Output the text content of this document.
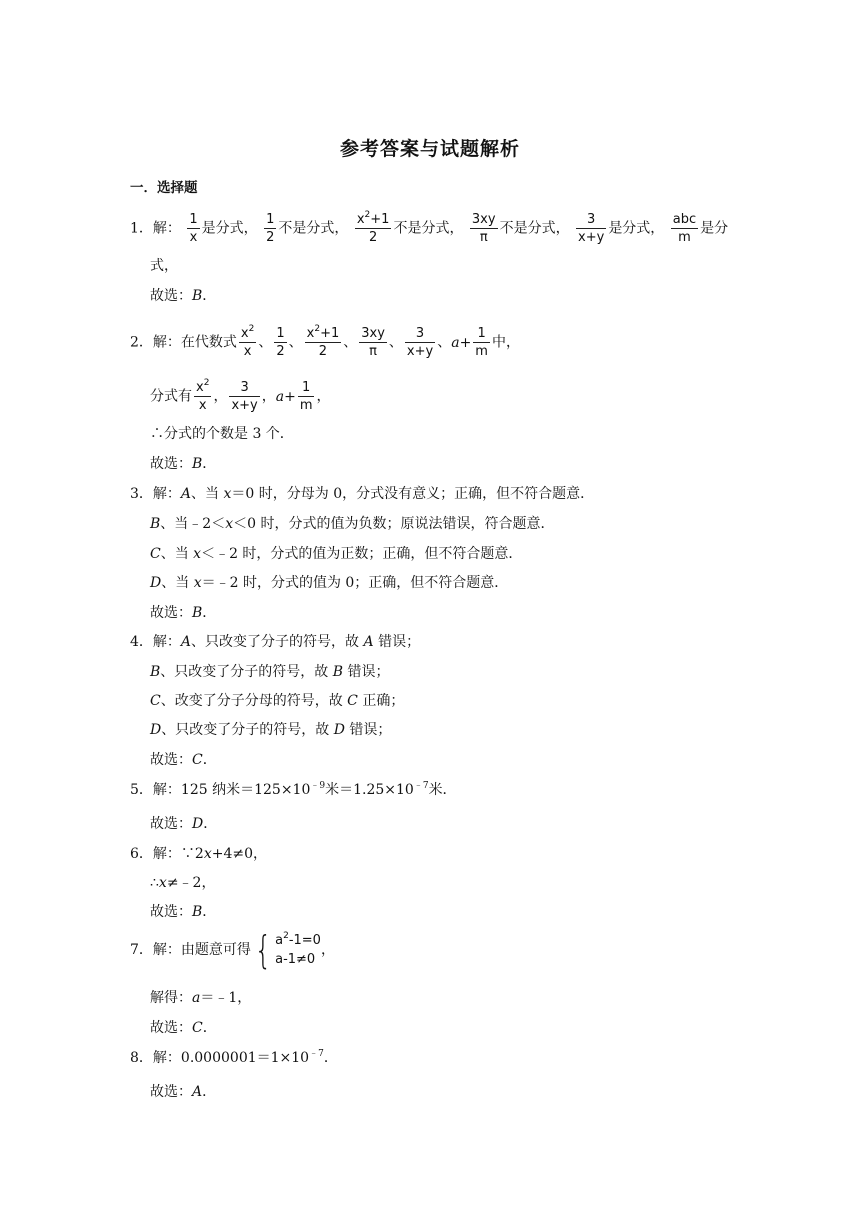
参考答案与试题解析
一．选择题
1．解： $\frac{1}{x}$ 是分式， $\frac{1}{2}$ 不是分式， $\frac{x^2+1}{2}$ 不是分式， $\frac{3xy}{\pi}$ 不是分式， $\frac{3}{x+y}$ 是分式， $\frac{\text{abc}}{m}$ 是分
式，
故选：B．
2．解：在代数式 $\frac{x^2}{x}$ 、 $\frac{1}{2}$ 、 $\frac{x^2+1}{2}$ 、 $\frac{3xy}{\pi}$ 、 $\frac{3}{x+y}$ 、 $a + \frac{1}{m}$ 中，
分式有 $\frac{x^2}{x}$ ， $\frac{3}{x+y}$ ， $a + \frac{1}{m}$ ，
∴分式的个数是 3 个．
故选：B．
3．解：A、当 x＝0 时，分母为 0，分式没有意义；正确，但不符合题意．
B、当﹣2＜x＜0 时，分式的值为负数；原说法错误，符合题意．
C、当 x＜﹣2 时，分式的值为正数；正确，但不符合题意．
D、当 x＝﹣2 时，分式的值为 0；正确，但不符合题意．
故选：B．
4．解：A、只改变了分子的符号，故 A 错误；
B、只改变了分子的符号，故 B 错误；
C、改变了分子分母的符号，故 C 正确；
D、只改变了分子的符号，故 D 错误；
故选：C．
5．解：125 纳米$=125\times 10^{﹣9}$米$=1.25\times 10^{﹣7}$米．
故选：D．
6．解：∵2x+4≠0，
∴x≠﹣2，
故选：B．
7．解：由题意可得 { $a^2-1=0$
a-1≠0
，
解得：a＝﹣1，
故选：C．
8．解：$0.0000001=1\times 10^{﹣7}$．
故选：A．
